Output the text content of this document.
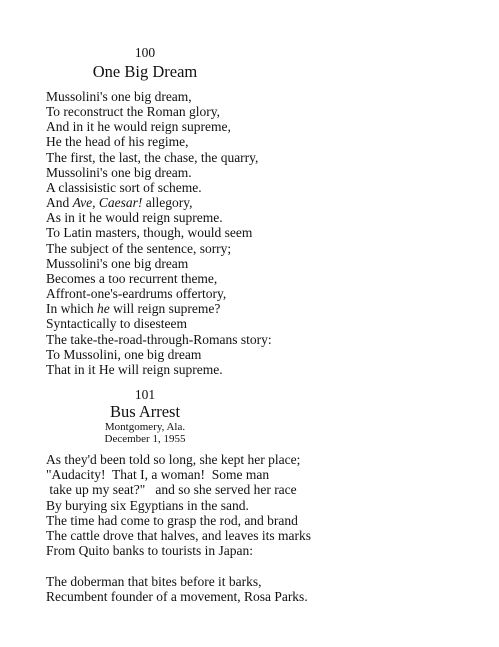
100
One Big Dream
Mussolini's one big dream,
To reconstruct the Roman glory,
And in it he would reign supreme,
He the head of his regime,
The first, the last, the chase, the quarry,
Mussolini's one big dream.
A classisistic sort of scheme.
And Ave, Caesar! allegory,
As in it he would reign supreme.
To Latin masters, though, would seem
The subject of the sentence, sorry;
Mussolini's one big dream
Becomes a too recurrent theme,
Affront-one's-eardrums offertory,
In which he will reign supreme?
Syntactically to disesteem
The take-the-road-through-Romans story:
To Mussolini, one big dream
That in it He will reign supreme.
101
Bus Arrest
Montgomery, Ala.
December 1, 1955
As they'd been told so long, she kept her place;
"Audacity!  That I, a woman!  Some man
take up my seat?"   and so she served her race
By burying six Egyptians in the sand.
The time had come to grasp the rod, and brand
The cattle drove that halves, and leaves its marks
From Quito banks to tourists in Japan:

The doberman that bites before it barks,
Recumbent founder of a movement, Rosa Parks.
